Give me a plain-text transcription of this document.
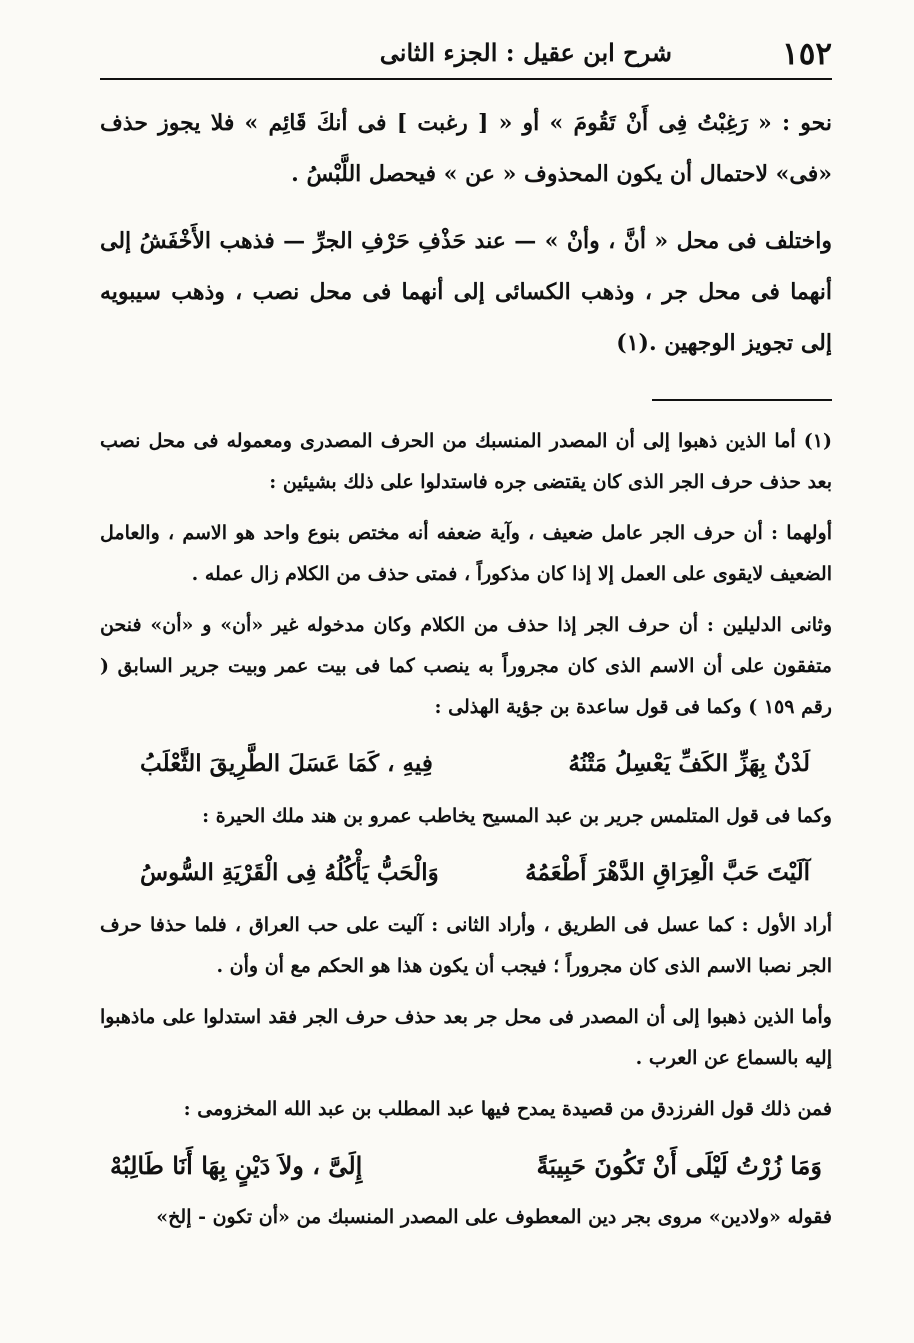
١٥٢
شرح ابن عقيل : الجزء الثانى

نحو : « رَغِبْتُ فِى أَنْ تَقُومَ » أو « [ رغبت ] فى أنكَ قَائِم » فلا يجوز حذف «فى» لاحتمال أن يكون المحذوف « عن » فيحصل اللَّبْسُ .

واختلف فى محل « أنَّ ، وأنْ » — عند حَذْفِ حَرْفِ الجرِّ — فذهب الأَخْفَشُ إلى أنهما فى محل جر ، وذهب الكسائى إلى أنهما فى محل نصب ، وذهب سيبويه إلى تجويز الوجهين .(١)

(١) أما الذين ذهبوا إلى أن المصدر المنسبك من الحرف المصدرى ومعموله فى محل نصب بعد حذف حرف الجر الذى كان يقتضى جره فاستدلوا على ذلك بشيئين :

أولهما : أن حرف الجر عامل ضعيف ، وآية ضعفه أنه مختص بنوع واحد هو الاسم ، والعامل الضعيف لايقوى على العمل إلا إذا كان مذكوراً ، فمتى حذف من الكلام زال عمله .

وثانى الدليلين : أن حرف الجر إذا حذف من الكلام وكان مدخوله غير «أن» و «أن» فنحن متفقون على أن الاسم الذى كان مجروراً به ينصب كما فى بيت عمر وبيت جرير السابق ( رقم ١٥٩ ) وكما فى قول ساعدة بن جؤية الهذلى :

لَدْنٌ بِهَزِّ الكَفِّ يَعْسِلُ مَتْنُهُ
فِيهِ ، كَمَا عَسَلَ الطَّرِيقَ الثَّعْلَبُ

وكما فى قول المتلمس جرير بن عبد المسيح يخاطب عمرو بن هند ملك الحيرة :

آلَيْتَ حَبَّ الْعِرَاقِ الدَّهْرَ أَطْعَمُهُ
وَالْحَبُّ يَأْكُلُهُ فِى الْقَرْيَةِ السُّوسُ

أراد الأول : كما عسل فى الطريق ، وأراد الثانى : آليت على حب العراق ، فلما حذفا حرف الجر نصبا الاسم الذى كان مجروراً ؛ فيجب أن يكون هذا هو الحكم مع أن وأن .

وأما الذين ذهبوا إلى أن المصدر فى محل جر بعد حذف حرف الجر فقد استدلوا على ماذهبوا إليه بالسماع عن العرب .

فمن ذلك قول الفرزدق من قصيدة يمدح فيها عبد المطلب بن عبد الله المخزومى :

وَمَا زُرْتُ لَيْلَى أَنْ تَكُونَ حَبِيبَةً
إِلَىَّ ، ولاَ دَيْنٍ بِهَا أَنَا طَالِبُهْ
فقوله «ولادين» مروى بجر دين المعطوف على المصدر المنسبك من «أن تكون - إلخ»
